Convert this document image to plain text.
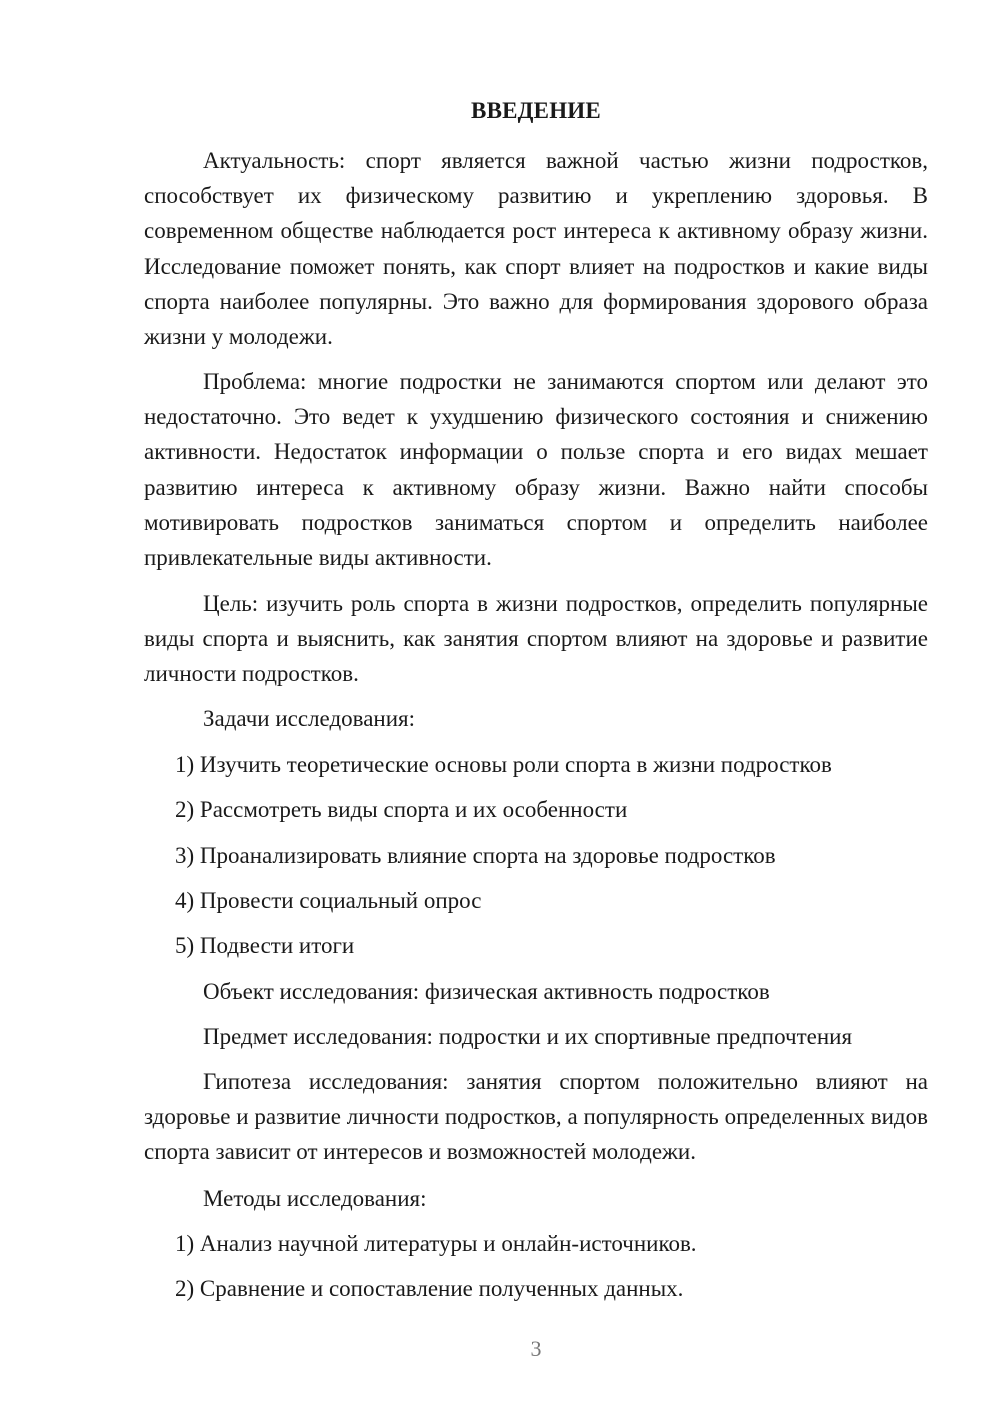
ВВЕДЕНИЕ

Актуальность: спорт является важной частью жизни подростков, способствует их физическому развитию и укреплению здоровья. В современном обществе наблюдается рост интереса к активному образу жизни. Исследование поможет понять, как спорт влияет на подростков и какие виды спорта наиболее популярны. Это важно для формирования здорового образа жизни у молодежи.

Проблема: многие подростки не занимаются спортом или делают это недостаточно. Это ведет к ухудшению физического состояния и снижению активности. Недостаток информации о пользе спорта и его видах мешает развитию интереса к активному образу жизни. Важно найти способы мотивировать подростков заниматься спортом и определить наиболее привлекательные виды активности.

Цель: изучить роль спорта в жизни подростков, определить популярные виды спорта и выяснить, как занятия спортом влияют на здоровье и развитие личности подростков.

Задачи исследования:

1) Изучить теоретические основы роли спорта в жизни подростков

2) Рассмотреть виды спорта и их особенности

3) Проанализировать влияние спорта на здоровье подростков

4) Провести социальный опрос

5) Подвести итоги

Объект исследования: физическая активность подростков

Предмет исследования: подростки и их спортивные предпочтения

Гипотеза исследования: занятия спортом положительно влияют на здоровье и развитие личности подростков, а популярность определенных видов спорта зависит от интересов и возможностей молодежи.

Методы исследования:

1) Анализ научной литературы и онлайн-источников.

2) Сравнение и сопоставление полученных данных.

3
